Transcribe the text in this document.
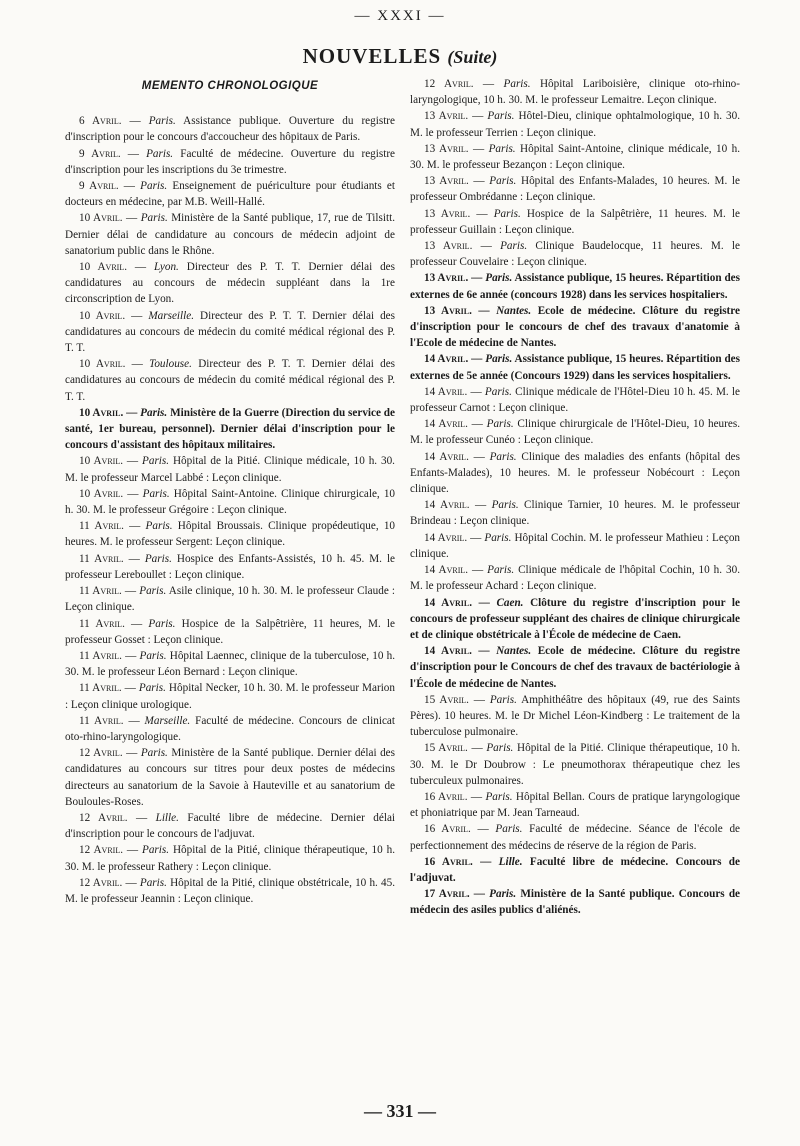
— XXXI —
NOUVELLES (Suite)
MEMENTO CHRONOLOGIQUE

6 Avril. — Paris. Assistance publique. Ouverture du registre d'inscription pour le concours d'accoucheur des hôpitaux de Paris.

9 Avril. — Paris. Faculté de médecine. Ouverture du registre d'inscription pour les inscriptions du 3e trimestre.

9 Avril. — Paris. Enseignement de puériculture pour étudiants et docteurs en médecine, par M.B. Weill-Hallé.

10 Avril. — Paris. Ministère de la Santé publique, 17, rue de Tilsitt. Dernier délai de candidature au concours de médecin adjoint de sanatorium public dans le Rhône.

10 Avril. — Lyon. Directeur des P. T. T. Dernier délai des candidatures au concours de médecin suppléant dans la 1re circonscription de Lyon.

10 Avril. — Marseille. Directeur des P. T. T. Dernier délai des candidatures au concours de médecin du comité médical régional des P. T. T.

10 Avril. — Toulouse. Directeur des P. T. T. Dernier délai des candidatures au concours de médecin du comité médical régional des P. T. T.

10 Avril. — Paris. Ministère de la Guerre (Direction du service de santé, 1er bureau, personnel). Dernier délai d'inscription pour le concours d'assistant des hôpitaux militaires.

10 Avril. — Paris. Hôpital de la Pitié. Clinique médicale, 10 h. 30. M. le professeur Marcel Labbé : Leçon clinique.

10 Avril. — Paris. Hôpital Saint-Antoine. Clinique chirurgicale, 10 h. 30. M. le professeur Grégoire : Leçon clinique.

11 Avril. — Paris. Hôpital Broussais. Clinique propédeutique, 10 heures. M. le professeur Sergent: Leçon clinique.

11 Avril. — Paris. Hospice des Enfants-Assistés, 10 h. 45. M. le professeur Lereboullet : Leçon clinique.

11 Avril. — Paris. Asile clinique, 10 h. 30. M. le professeur Claude : Leçon clinique.

11 Avril. — Paris. Hospice de la Salpêtrière, 11 heures, M. le professeur Gosset : Leçon clinique.

11 Avril. — Paris. Hôpital Laennec, clinique de la tuberculose, 10 h. 30. M. le professeur Léon Bernard : Leçon clinique.

11 Avril. — Paris. Hôpital Necker, 10 h. 30. M. le professeur Marion : Leçon clinique urologique.

11 Avril. — Marseille. Faculté de médecine. Concours de clinicat oto-rhino-laryngologique.

12 Avril. — Paris. Ministère de la Santé publique. Dernier délai des candidatures au concours sur titres pour deux postes de médecins directeurs au sanatorium de la Savoie à Hauteville et au sanatorium de Bouloules-Roses.

12 Avril. — Lille. Faculté libre de médecine. Dernier délai d'inscription pour le concours de l'adjuvat.

12 Avril. — Paris. Hôpital de la Pitié, clinique thérapeutique, 10 h. 30. M. le professeur Rathery : Leçon clinique.

12 Avril. — Paris. Hôpital de la Pitié, clinique obstétricale, 10 h. 45. M. le professeur Jeannin : Leçon clinique.

12 Avril. — Paris. Hôpital Lariboisière, clinique oto-rhino-laryngologique, 10 h. 30. M. le professeur Lemaitre. Leçon clinique.

13 Avril. — Paris. Hôtel-Dieu, clinique ophtalmologique, 10 h. 30. M. le professeur Terrien : Leçon clinique.

13 Avril. — Paris. Hôpital Saint-Antoine, clinique médicale, 10 h. 30. M. le professeur Bezançon : Leçon clinique.

13 Avril. — Paris. Hôpital des Enfants-Malades, 10 heures. M. le professeur Ombrédanne : Leçon clinique.

13 Avril. — Paris. Hospice de la Salpêtrière, 11 heures. M. le professeur Guillain : Leçon clinique.

13 Avril. — Paris. Clinique Baudelocque, 11 heures. M. le professeur Couvelaire : Leçon clinique.

13 Avril. — Paris. Assistance publique, 15 heures. Répartition des externes de 6e année (concours 1928) dans les services hospitaliers.

13 Avril. — Nantes. Ecole de médecine. Clôture du registre d'inscription pour le concours de chef des travaux d'anatomie à l'Ecole de médecine de Nantes.

14 Avril. — Paris. Assistance publique, 15 heures. Répartition des externes de 5e année (Concours 1929) dans les services hospitaliers.

14 Avril. — Paris. Clinique médicale de l'Hôtel-Dieu 10 h. 45. M. le professeur Carnot : Leçon clinique.

14 Avril. — Paris. Clinique chirurgicale de l'Hôtel-Dieu, 10 heures. M. le professeur Cunéo : Leçon clinique.

14 Avril. — Paris. Clinique des maladies des enfants (hôpital des Enfants-Malades), 10 heures. M. le professeur Nobécourt : Leçon clinique.

14 Avril. — Paris. Clinique Tarnier, 10 heures. M. le professeur Brindeau : Leçon clinique.

14 Avril. — Paris. Hôpital Cochin. M. le professeur Mathieu : Leçon clinique.

14 Avril. — Paris. Clinique médicale de l'hôpital Cochin, 10 h. 30. M. le professeur Achard : Leçon clinique.

14 Avril. — Caen. Clôture du registre d'inscription pour le concours de professeur suppléant des chaires de clinique chirurgicale et de clinique obstétricale à l'École de médecine de Caen.

14 Avril. — Nantes. Ecole de médecine. Clôture du registre d'inscription pour le Concours de chef des travaux de bactériologie à l'École de médecine de Nantes.

15 Avril. — Paris. Amphithéâtre des hôpitaux (49, rue des Saints Pères). 10 heures. M. le Dr Michel Léon-Kindberg : Le traitement de la tuberculose pulmonaire.

15 Avril. — Paris. Hôpital de la Pitié. Clinique thérapeutique, 10 h. 30. M. le Dr Doubrow : Le pneumothorax thérapeutique chez les tuberculeux pulmonaires.

16 Avril. — Paris. Hôpital Bellan. Cours de pratique laryngologique et phoniatrique par M. Jean Tarneaud.

16 Avril. — Paris. Faculté de médecine. Séance de l'école de perfectionnement des médecins de réserve de la région de Paris.

16 Avril. — Lille. Faculté libre de médecine. Concours de l'adjuvat.

17 Avril. — Paris. Ministère de la Santé publique. Concours de médecin des asiles publics d'aliénés.

— 331 —
